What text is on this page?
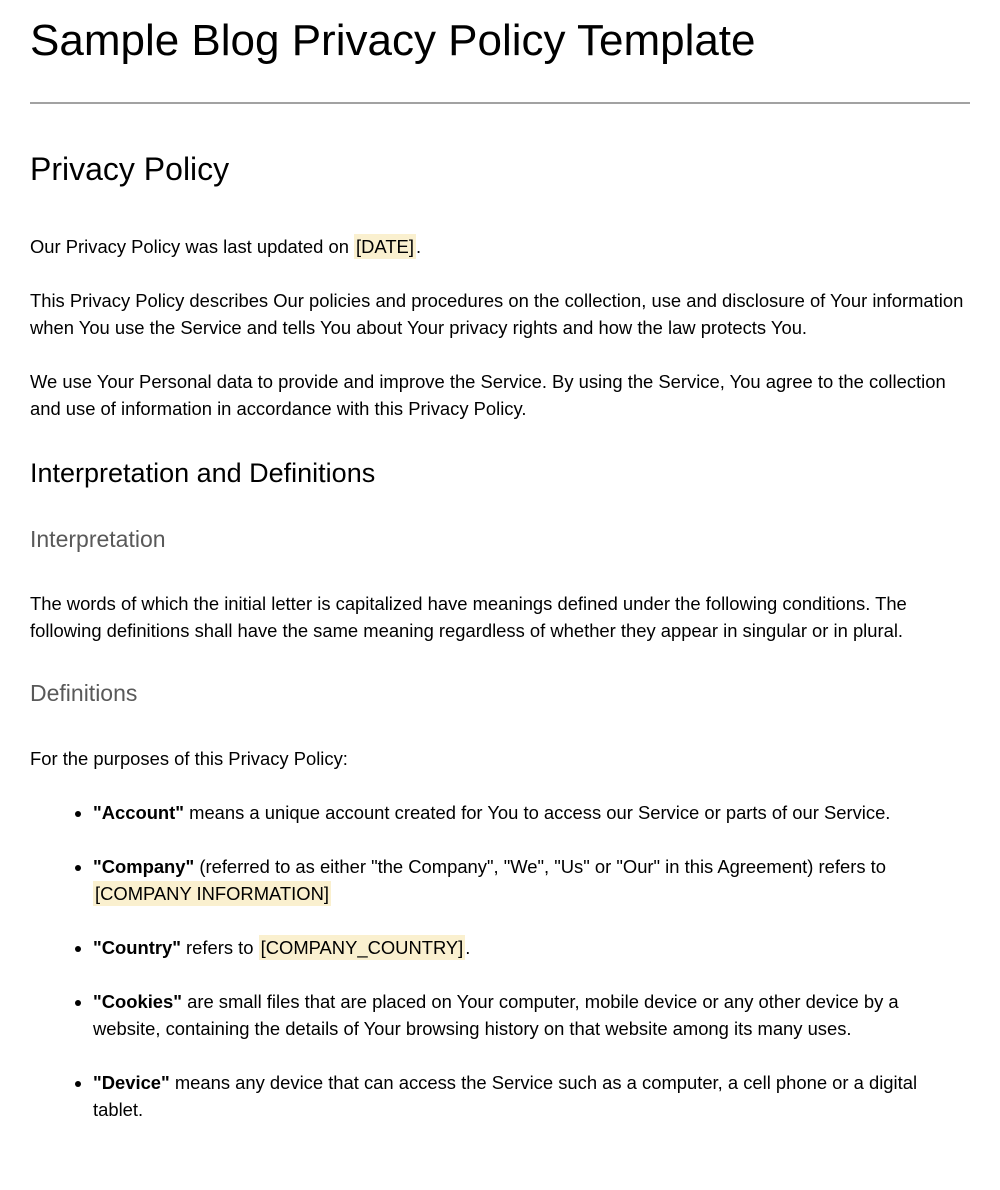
Sample Blog Privacy Policy Template
Privacy Policy

Our Privacy Policy was last updated on [DATE] .

This Privacy Policy describes Our policies and procedures on the collection, use and disclosure of Your information when You use the Service and tells You about Your privacy rights and how the law protects You.

We use Your Personal data to provide and improve the Service. By using the Service, You agree to the collection and use of information in accordance with this Privacy Policy.

Interpretation and Definitions
Interpretation

The words of which the initial letter is capitalized have meanings defined under the following conditions. The following definitions shall have the same meaning regardless of whether they appear in singular or in plural.

Definitions

For the purposes of this Privacy Policy:

• "Account" means a unique account created for You to access our Service or parts of our Service.
• "Company" (referred to as either "the Company", "We", "Us" or "Our" in this Agreement) refers to [COMPANY INFORMATION]
• "Country" refers to [COMPANY_COUNTRY] .
• "Cookies" are small files that are placed on Your computer, mobile device or any other device by a website, containing the details of Your browsing history on that website among its many uses.
• "Device" means any device that can access the Service such as a computer, a cell phone or a digital tablet.
